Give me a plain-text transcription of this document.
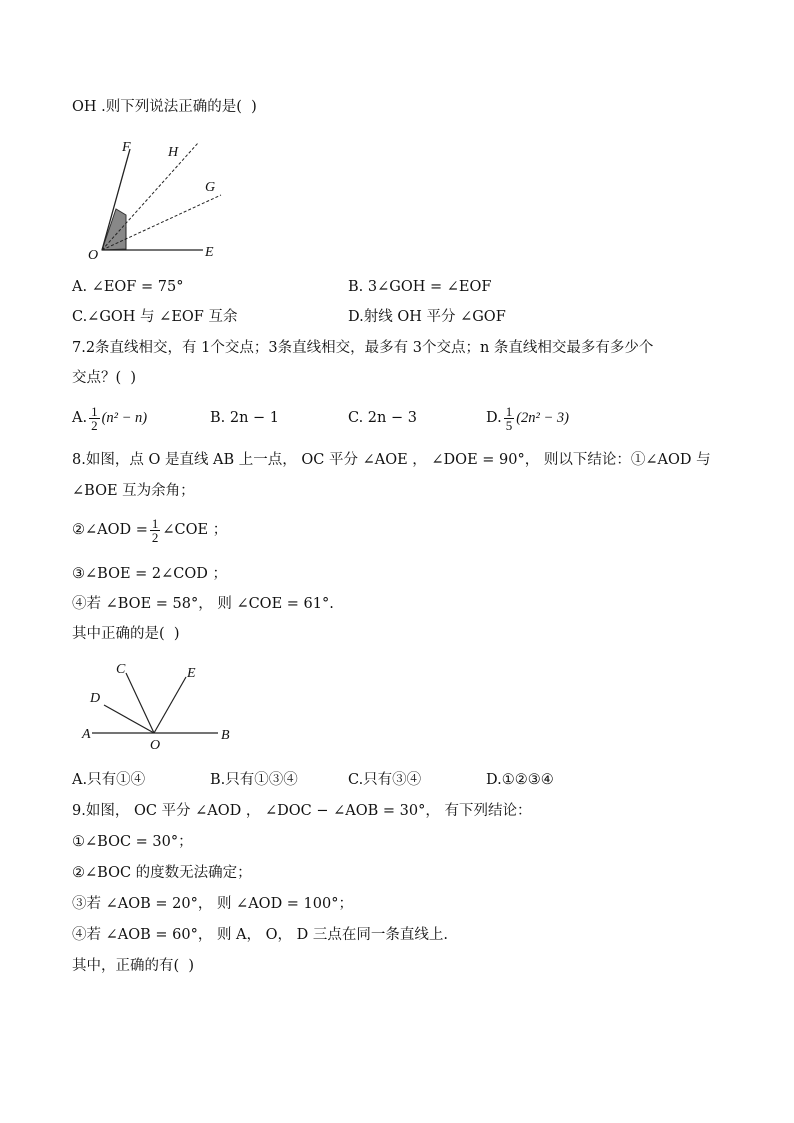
OH .则下列说法正确的是(  )
F	H
G
O	E
A. ∠EOF = 75°	B. 3∠GOH = ∠EOF
C.∠GOH 与 ∠EOF 互余	D.射线 OH 平分 ∠GOF
7.2条直线相交，有 1个交点；3条直线相交，最多有 3个交点；n 条直线相交最多有多少个
交点？(  )
A. $\frac{1}{2} (n^2 - n)$	B. 2n − 1	C. 2n − 3	D. $\frac{1}{5} (2n^2 - 3)$
8.如图，点 O 是直线 AB 上一点， OC 平分 ∠AOE ， ∠DOE = 90°， 则以下结论：①∠AOD 与
∠BOE 互为余角；
②∠AOD = $\frac{1}{2}$ ∠COE ；
③∠BOE = 2∠COD ；
④若 ∠BOE = 58°， 则 ∠COE = 61°.
其中正确的是(  )
C	E
D
A
O
B
A.只有①④	B.只有①③④	C.只有③④	D.①②③④
9.如图， OC 平分 ∠AOD ， ∠DOC − ∠AOB = 30°， 有下列结论：
①∠BOC = 30°；
②∠BOC 的度数无法确定；
③若 ∠AOB = 20°， 则 ∠AOD = 100°；
④若 ∠AOB = 60°， 则 A， O， D 三点在同一条直线上.
其中，正确的有(  )
